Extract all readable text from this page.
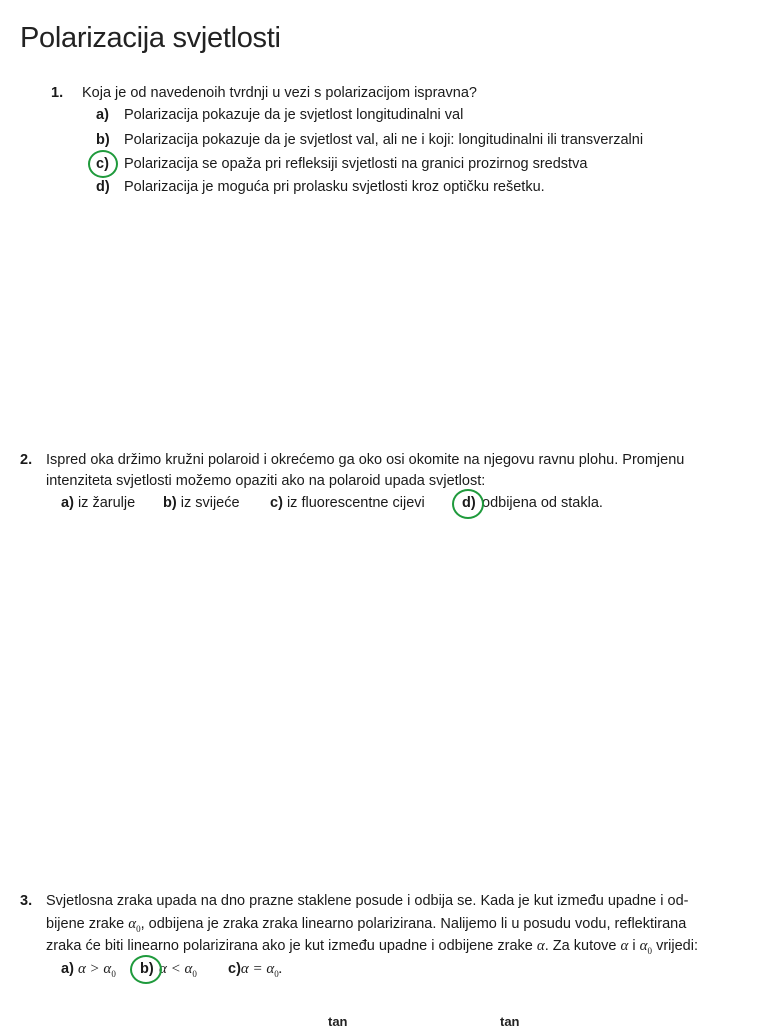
Polarizacija svjetlosti
1. Koja je od navedenoih tvrdnji u vezi s polarizacijom ispravna?
a) Polarizacija pokazuje da je svjetlost longitudinalni val
b) Polarizacija pokazuje da je svjetlost val, ali ne i koji: longitudinalni ili transverzalni
c) Polarizacija se opaža pri refleksiji svjetlosti na granici prozirnog sredstva
d) Polarizacija je moguća pri prolasku svjetlosti kroz optičku rešetku.
2. Ispred oka držimo kružni polaroid i okrećemo ga oko osi okomite na njegovu ravnu plohu. Promjenu
intenziteta svjetlosti možemo opaziti ako na polaroid upada svjetlost:
a) iz žarulje b) iz svijeće c) iz fluorescentne cijevi	d) odbijena od stakla.
3. Svjetlosna zraka upada na dno prazne staklene posude i odbija se. Kada je kut između upadne i od-
bijene zrake $\alpha_0$, odbijena je zraka zraka linearno polarizirana. Nalijemo li u posudu vodu, reflektirana
zraka će biti linearno polarizirana ako je kut između upadne i odbijene zrake α. Za kutove α i $\alpha_0$ vrijedi:
a) $\alpha > \alpha_0$ b) $\alpha < \alpha_0$ $c)\alpha = \alpha_0$.
tan	tan
